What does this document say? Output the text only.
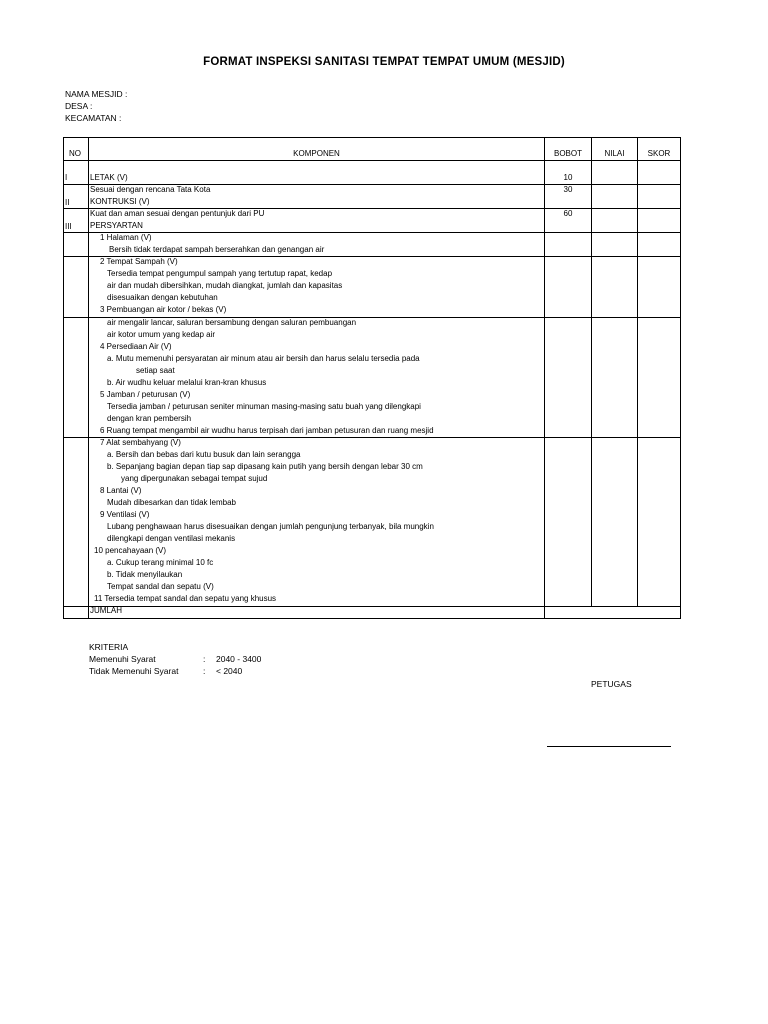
FORMAT INSPEKSI SANITASI TEMPAT TEMPAT UMUM (MESJID)
NAMA MESJID :
DESA :
KECAMATAN :
NO	KOMPONEN	BOBOT	NILAI	SKOR
I	LETAK (V)	10
Sesuai dengan rencana Tata Kota	30
II	KONTRUKSI (V)
Kuat dan aman sesuai dengan pentunjuk dari PU	60
III PERSYARTAN
1 Halaman (V)
Bersih tidak terdapat sampah berserahkan dan genangan air
2 Tempat Sampah (V)
Tersedia tempat pengumpul sampah yang tertutup rapat, kedap
air dan mudah dibersihkan, mudah diangkat, jumlah dan kapasitas
disesuaikan dengan kebutuhan
3 Pembuangan air kotor / bekas (V)
air mengalir lancar, saluran bersambung dengan saluran pembuangan
air kotor umum yang kedap air
4 Persediaan Air (V)
a. Mutu memenuhi persyaratan air minum atau air bersih dan harus selalu tersedia pada
setiap saat
b. Air wudhu keluar melalui kran-kran khusus
5 Jamban / peturusan (V)
Tersedia jamban / peturusan seniter minuman masing-masing satu buah yang dilengkapi
dengan kran pembersih
6 Ruang tempat mengambil air wudhu harus terpisah dari jamban petusuran dan ruang mesjid
7 Alat sembahyang (V)
a. Bersih dan bebas dari kutu busuk dan lain serangga
b. Sepanjang bagian depan tiap sap dipasang kain putih yang bersih dengan lebar 30 cm
yang dipergunakan sebagai tempat sujud
8 Lantai (V)
Mudah dibesarkan dan tidak lembab
9 Ventilasi (V)
Lubang penghawaan harus disesuaikan dengan jumlah pengunjung terbanyak, bila mungkin
dilengkapi dengan ventilasi mekanis
10 pencahayaan (V)
a. Cukup terang minimal 10 fc
b. Tidak menyilaukan
Tempat sandal dan sepatu (V)
11 Tersedia tempat sandal dan sepatu yang khusus
JUMLAH
KRITERIA
Memenuhi Syarat	: 2040 - 3400
Tidak Memenuhi Syarat	: < 2040
PETUGAS
